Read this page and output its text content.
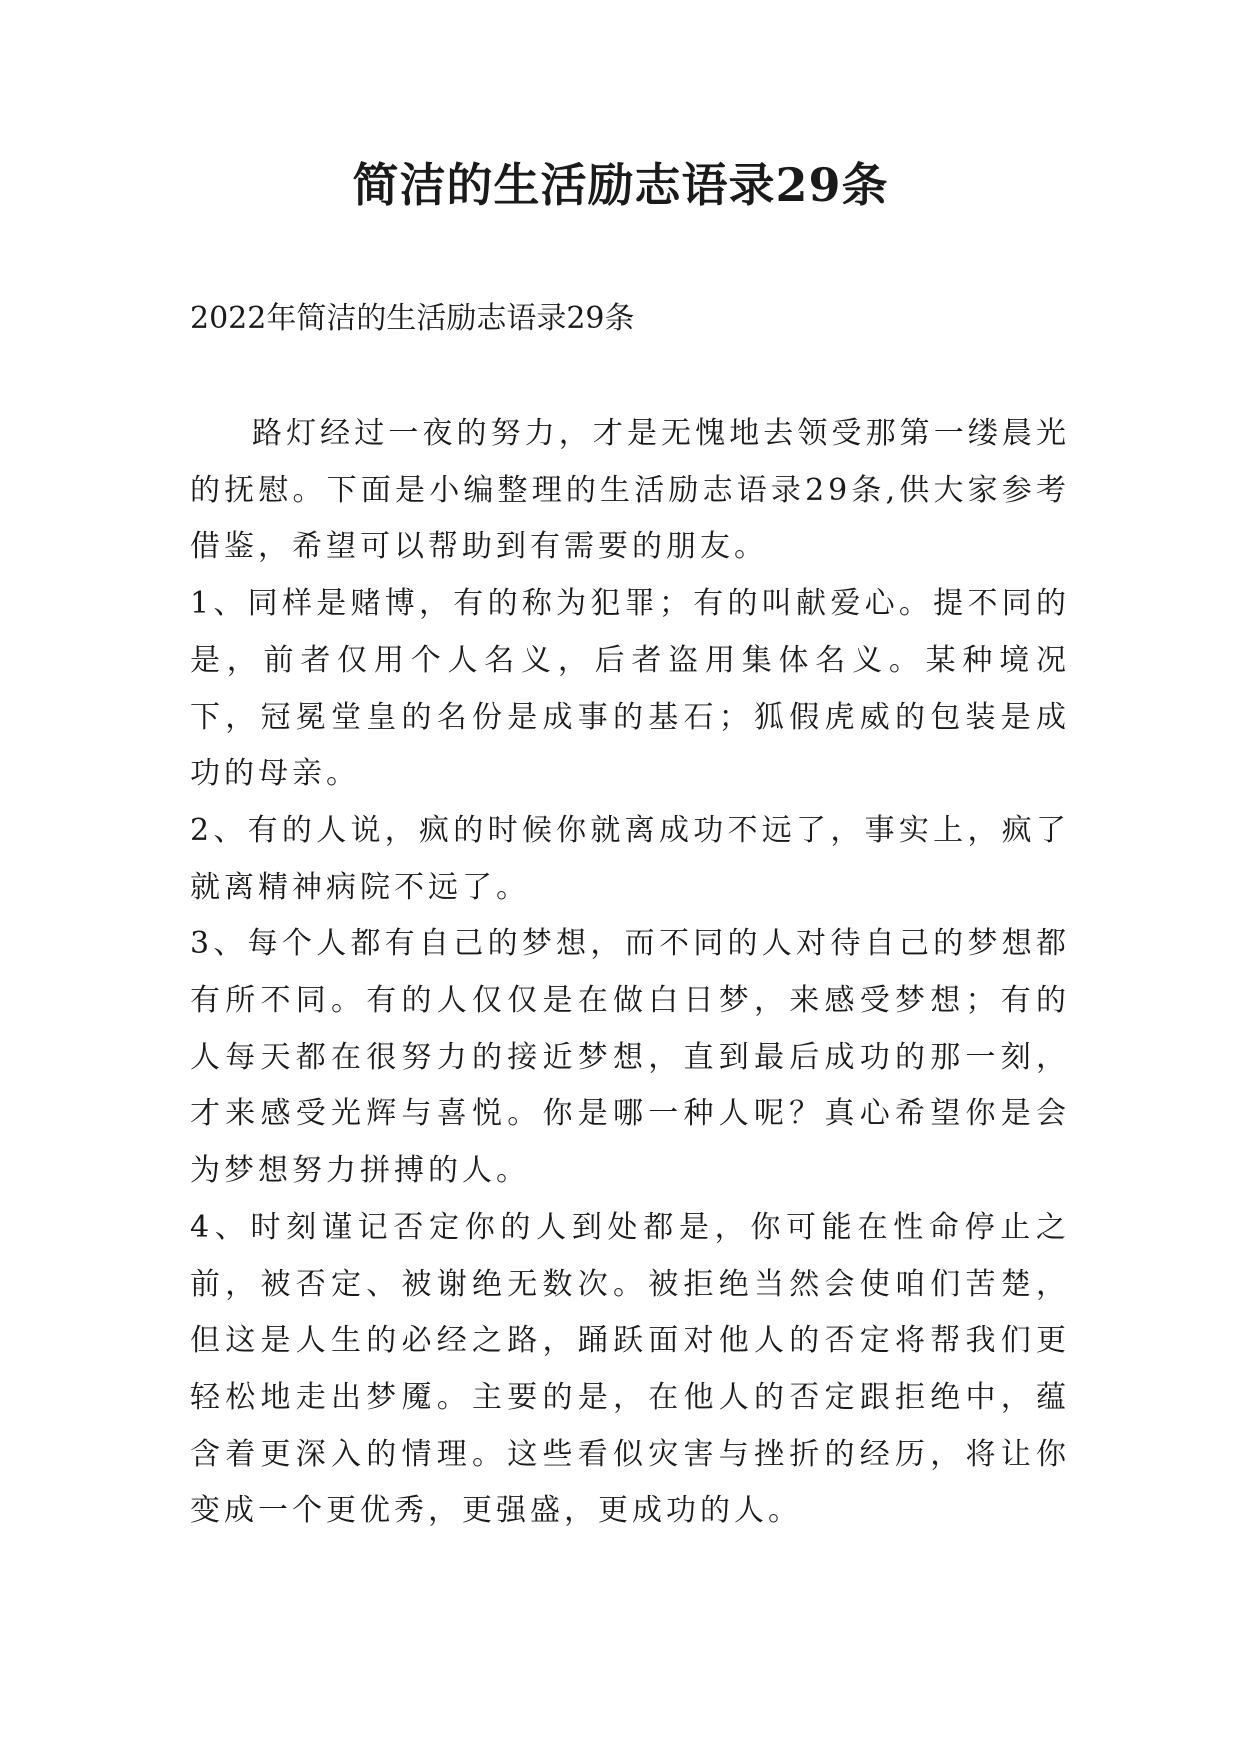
简洁的生活励志语录29条

2022年简洁的生活励志语录29条

路灯经过一夜的努力，才是无愧地去领受那第一缕晨光的抚慰。下面是小编整理的生活励志语录29条,供大家参考借鉴，希望可以帮助到有需要的朋友。

1、同样是赌博，有的称为犯罪；有的叫献爱心。提不同的是，前者仅用个人名义，后者盗用集体名义。某种境况下，冠冕堂皇的名份是成事的基石；狐假虎威的包装是成功的母亲。

2、有的人说，疯的时候你就离成功不远了，事实上，疯了就离精神病院不远了。

3、每个人都有自己的梦想，而不同的人对待自己的梦想都有所不同。有的人仅仅是在做白日梦，来感受梦想；有的人每天都在很努力的接近梦想，直到最后成功的那一刻，才来感受光辉与喜悦。你是哪一种人呢？真心希望你是会为梦想努力拼搏的人。

4、时刻谨记否定你的人到处都是，你可能在性命停止之前，被否定、被谢绝无数次。被拒绝当然会使咱们苦楚，但这是人生的必经之路，踊跃面对他人的否定将帮我们更轻松地走出梦魇。主要的是，在他人的否定跟拒绝中，蕴含着更深入的情理。这些看似灾害与挫折的经历，将让你变成一个更优秀，更强盛，更成功的人。
